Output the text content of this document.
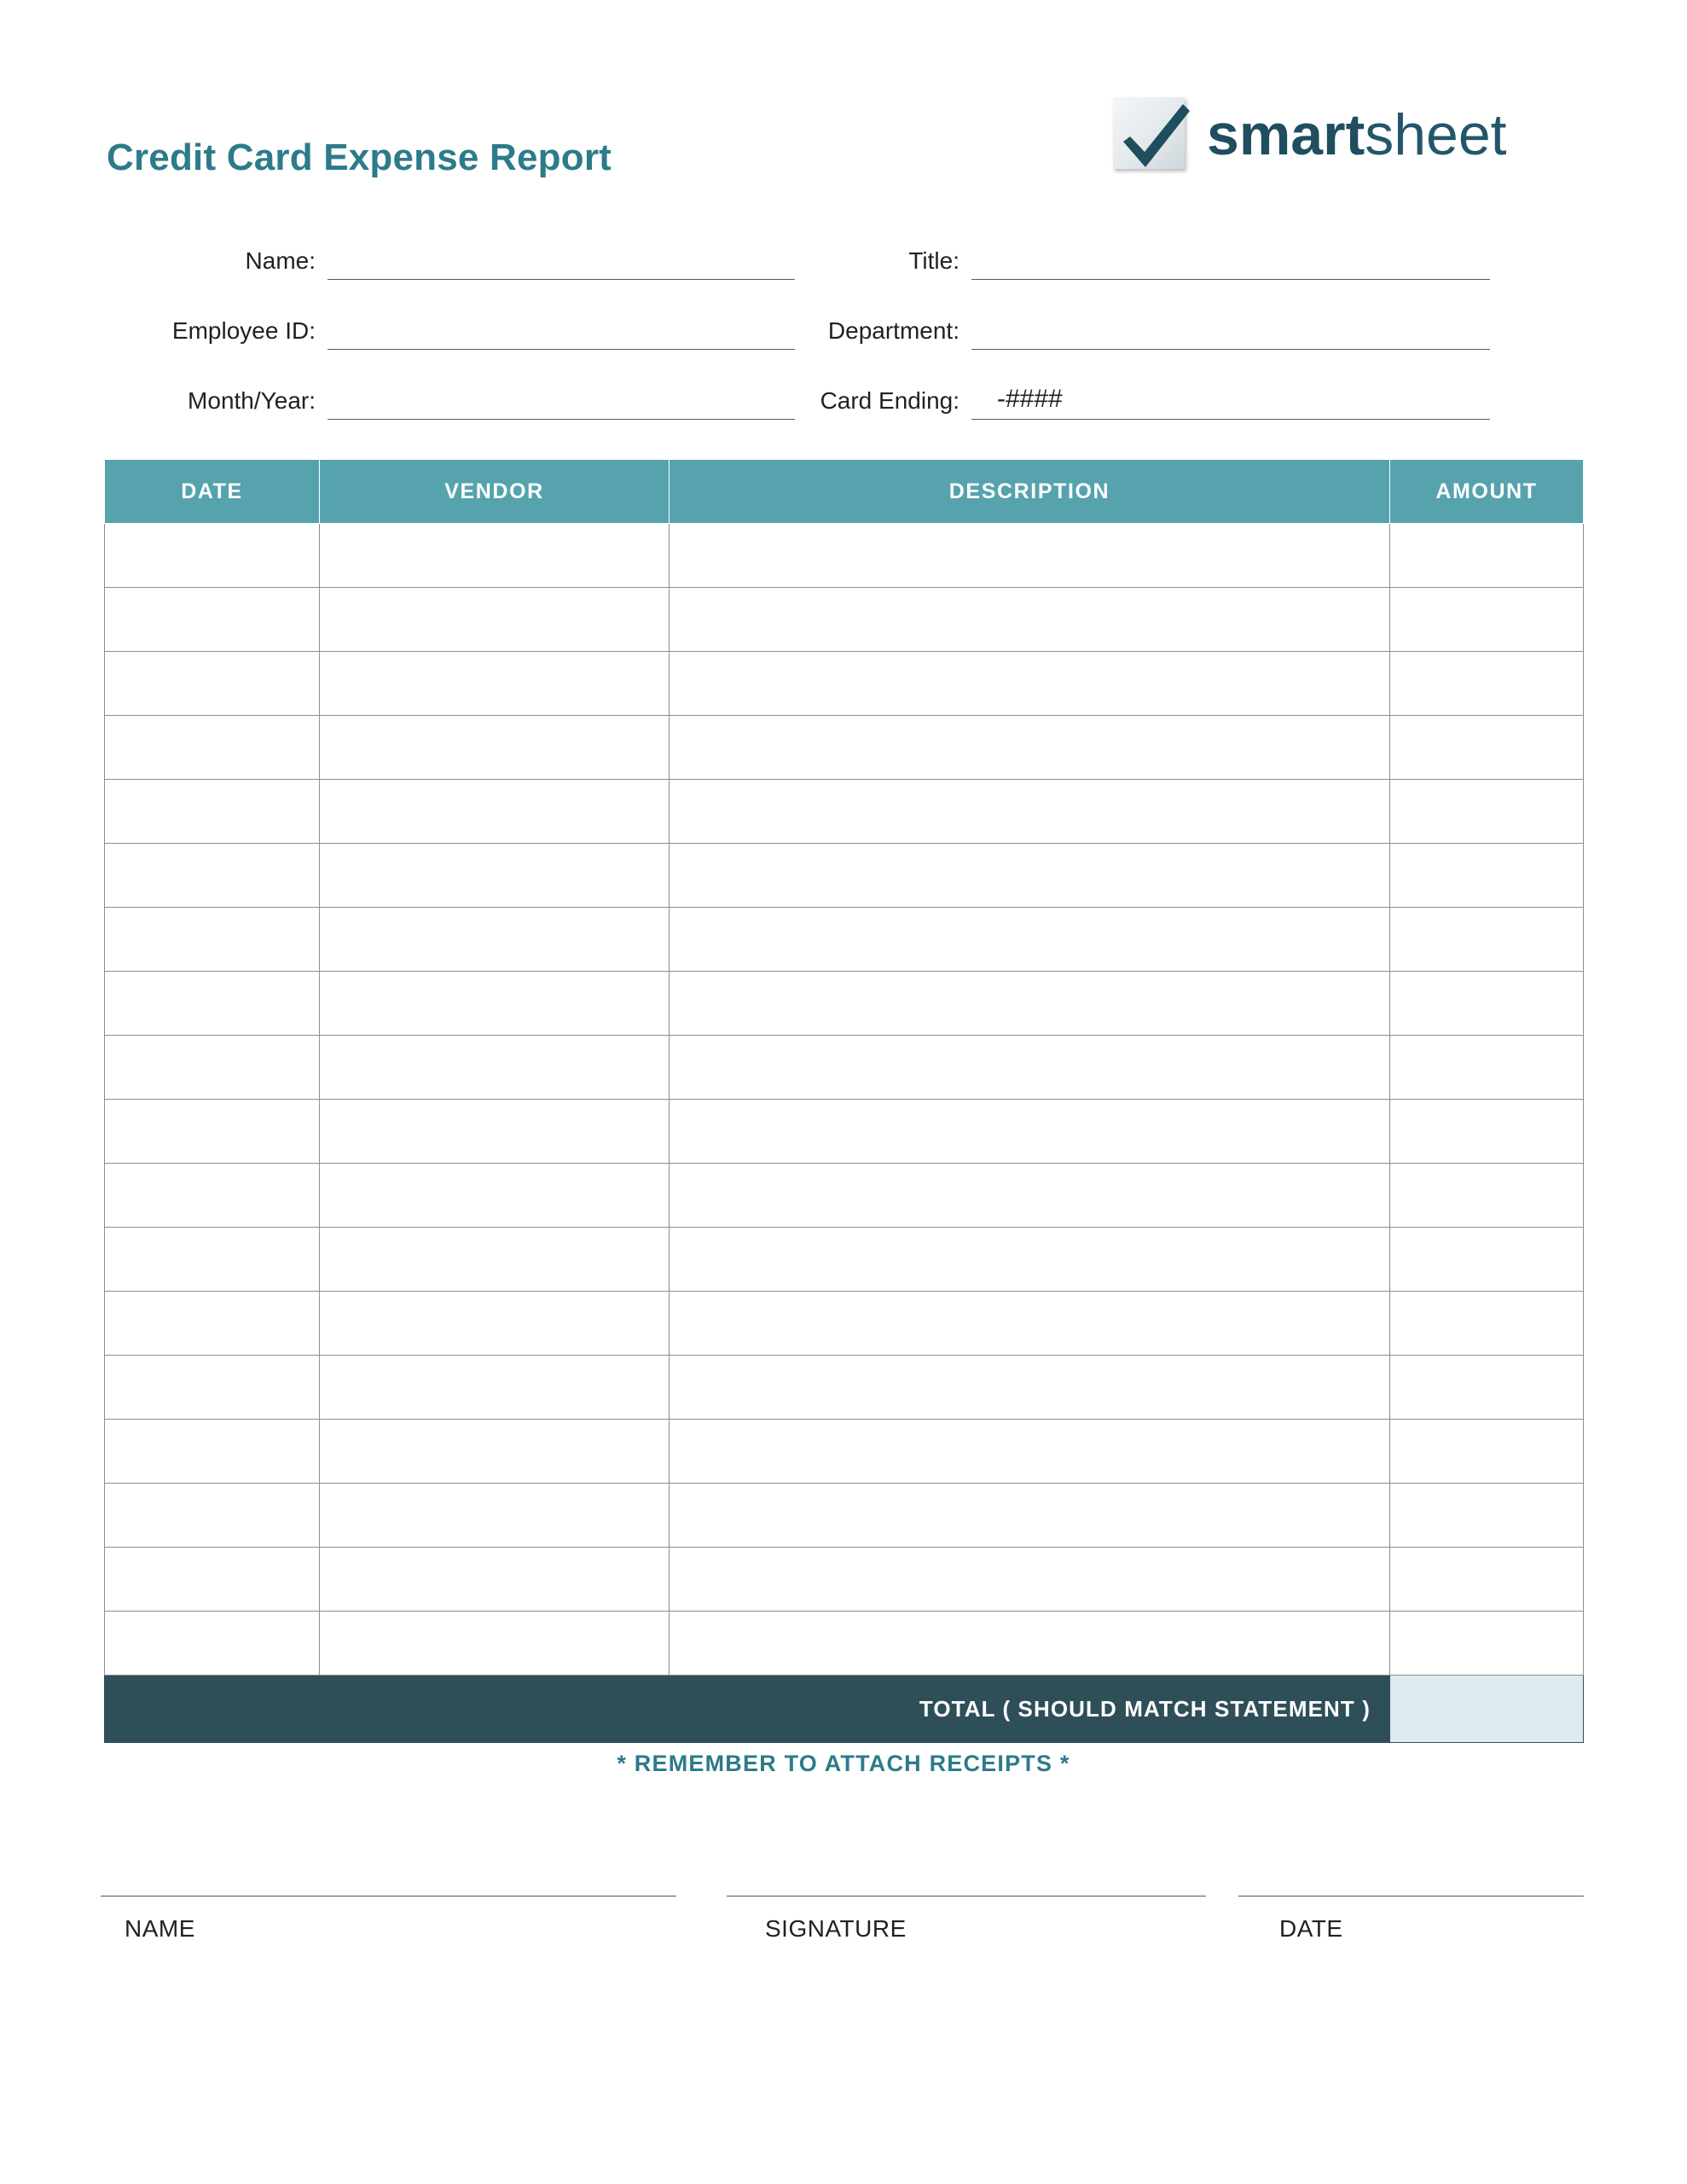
Credit Card Expense Report	smartsheet
Name:	Title:
Employee ID:	Department:
Month/Year:	Card Ending: -####
DATE	VENDOR	DESCRIPTION	AMOUNT

TOTAL ( SHOULD MATCH STATEMENT )			
* REMEMBER TO ATTACH RECEIPTS *
NAME	SIGNATURE	DATE
